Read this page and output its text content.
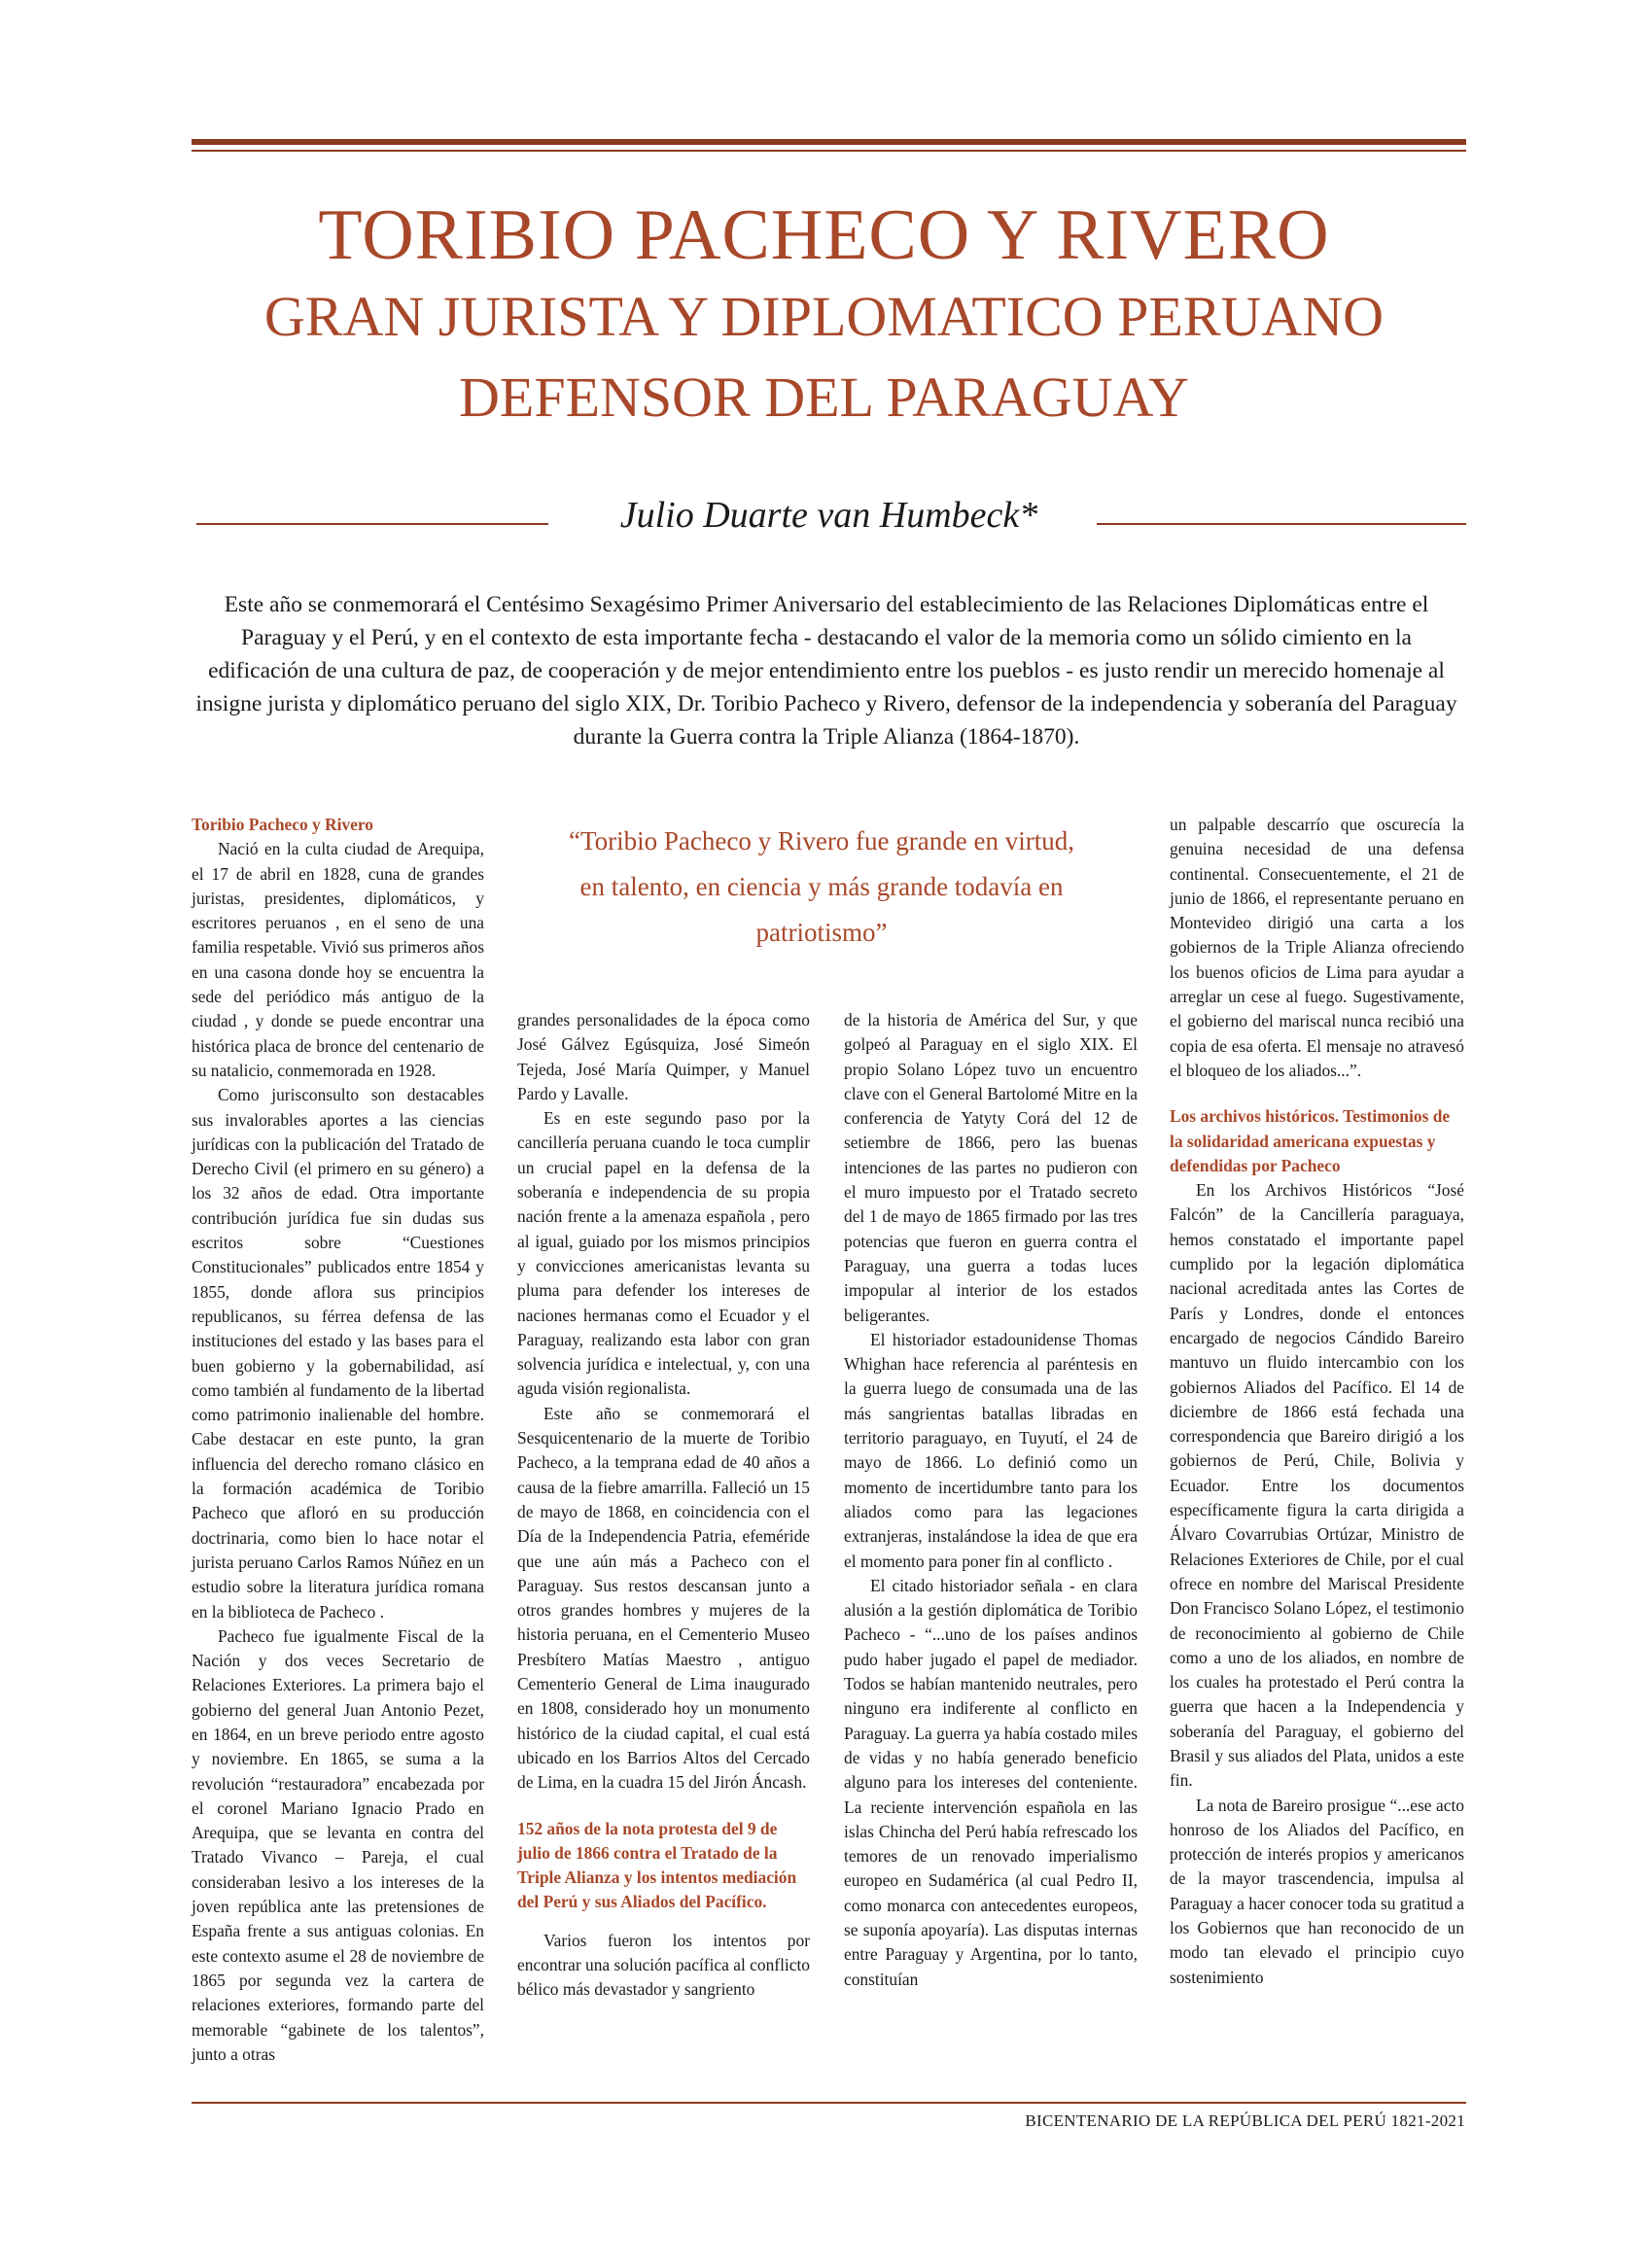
TORIBIO PACHECO Y RIVERO
GRAN JURISTA Y DIPLOMATICO PERUANO
DEFENSOR DEL PARAGUAY
Julio Duarte van Humbeck*
Este año se conmemorará el Centésimo Sexagésimo Primer Aniversario del establecimiento de las Relaciones Diplomáticas entre el Paraguay y el Perú, y en el contexto de esta importante fecha - destacando el valor de la memoria como un sólido cimiento en la edificación de una cultura de paz, de cooperación y de mejor entendimiento entre los pueblos - es justo rendir un merecido homenaje al insigne jurista y diplomático peruano del siglo XIX, Dr. Toribio Pacheco y Rivero, defensor de la independencia y soberanía del Paraguay durante la Guerra contra la Triple Alianza (1864-1870).
“Toribio Pacheco y Rivero fue grande en virtud, en talento, en ciencia y más grande todavía en patriotismo”
Toribio Pacheco y Rivero

Nació en la culta ciudad de Arequipa, el 17 de abril en 1828, cuna de grandes juristas, presidentes, diplomáticos, y escritores peruanos , en el seno de una familia respetable. Vivió sus primeros años en una casona donde hoy se encuentra la sede del periódico más antiguo de la ciudad , y donde se puede encontrar una histórica placa de bronce del centenario de su natalicio, conmemorada en 1928.

Como jurisconsulto son destacables sus invalorables aportes a las ciencias jurídicas con la publicación del Tratado de Derecho Civil (el primero en su género) a los 32 años de edad. Otra importante contribución jurídica fue sin dudas sus escritos sobre “Cuestiones Constitucionales” publicados entre 1854 y 1855, donde aflora sus principios republicanos, su férrea defensa de las instituciones del estado y las bases para el buen gobierno y la gobernabilidad, así como también al fundamento de la libertad como patrimonio inalienable del hombre. Cabe destacar en este punto, la gran influencia del derecho romano clásico en la formación académica de Toribio Pacheco que afloró en su producción doctrinaria, como bien lo hace notar el jurista peruano Carlos Ramos Núñez en un estudio sobre la literatura jurídica romana en la biblioteca de Pacheco .

Pacheco fue igualmente Fiscal de la Nación y dos veces Secretario de Relaciones Exteriores. La primera bajo el gobierno del general Juan Antonio Pezet, en 1864, en un breve periodo entre agosto y noviembre. En 1865, se suma a la revolución “restauradora” encabezada por el coronel Mariano Ignacio Prado en Arequipa, que se levanta en contra del Tratado Vivanco – Pareja, el cual consideraban lesivo a los intereses de la joven república ante las pretensiones de España frente a sus antiguas colonias. En este contexto asume el 28 de noviembre de 1865 por segunda vez la cartera de relaciones exteriores, formando parte del memorable “gabinete de los talentos”, junto a otras

grandes personalidades de la época como José Gálvez Egúsquiza, José Simeón Tejeda, José María Quimper, y Manuel Pardo y Lavalle.

Es en este segundo paso por la cancillería peruana cuando le toca cumplir un crucial papel en la defensa de la soberanía e independencia de su propia nación frente a la amenaza española , pero al igual, guiado por los mismos principios y convicciones americanistas levanta su pluma para defender los intereses de naciones hermanas como el Ecuador y el Paraguay, realizando esta labor con gran solvencia jurídica e intelectual, y, con una aguda visión regionalista.

Este año se conmemorará el Sesquicentenario de la muerte de Toribio Pacheco, a la temprana edad de 40 años a causa de la fiebre amarrilla. Falleció un 15 de mayo de 1868, en coincidencia con el Día de la Independencia Patria, efeméride que une aún más a Pacheco con el Paraguay. Sus restos descansan junto a otros grandes hombres y mujeres de la historia peruana, en el Cementerio Museo Presbítero Matías Maestro , antiguo Cementerio General de Lima inaugurado en 1808, considerado hoy un monumento histórico de la ciudad capital, el cual está ubicado en los Barrios Altos del Cercado de Lima, en la cuadra 15 del Jirón Áncash.

152 años de la nota protesta del 9 de julio de 1866 contra el Tratado de la Triple Alianza y los intentos mediación del Perú y sus Aliados del Pacífico.

Varios fueron los intentos por encontrar una solución pacífica al conflicto bélico más devastador y sangriento

de la historia de América del Sur, y que golpeó al Paraguay en el siglo XIX. El propio Solano López tuvo un encuentro clave con el General Bartolomé Mitre en la conferencia de Yatyty Corá del 12 de setiembre de 1866, pero las buenas intenciones de las partes no pudieron con el muro impuesto por el Tratado secreto del 1 de mayo de 1865 firmado por las tres potencias que fueron en guerra contra el Paraguay, una guerra a todas luces impopular al interior de los estados beligerantes.

El historiador estadounidense Thomas Whighan hace referencia al paréntesis en la guerra luego de consumada una de las más sangrientas batallas libradas en territorio paraguayo, en Tuyutí, el 24 de mayo de 1866. Lo definió como un momento de incertidumbre tanto para los aliados como para las legaciones extranjeras, instalándose la idea de que era el momento para poner fin al conflicto .

El citado historiador señala - en clara alusión a la gestión diplomática de Toribio Pacheco - “...uno de los países andinos pudo haber jugado el papel de mediador. Todos se habían mantenido neutrales, pero ninguno era indiferente al conflicto en Paraguay. La guerra ya había costado miles de vidas y no había generado beneficio alguno para los intereses del conteniente. La reciente intervención española en las islas Chincha del Perú había refrescado los temores de un renovado imperialismo europeo en Sudamérica (al cual Pedro II, como monarca con antecedentes europeos, se suponía apoyaría). Las disputas internas entre Paraguay y Argentina, por lo tanto, constituían

un palpable descarrío que oscurecía la genuina necesidad de una defensa continental. Consecuentemente, el 21 de junio de 1866, el representante peruano en Montevideo dirigió una carta a los gobiernos de la Triple Alianza ofreciendo los buenos oficios de Lima para ayudar a arreglar un cese al fuego. Sugestivamente, el gobierno del mariscal nunca recibió una copia de esa oferta. El mensaje no atravesó el bloqueo de los aliados...”.

Los archivos históricos. Testimonios de la solidaridad americana expuestas y defendidas por Pacheco

En los Archivos Históricos “José Falcón” de la Cancillería paraguaya, hemos constatado el importante papel cumplido por la legación diplomática nacional acreditada antes las Cortes de París y Londres, donde el entonces encargado de negocios Cándido Bareiro mantuvo un fluido intercambio con los gobiernos Aliados del Pacífico. El 14 de diciembre de 1866 está fechada una correspondencia que Bareiro dirigió a los gobiernos de Perú, Chile, Bolivia y Ecuador. Entre los documentos específicamente figura la carta dirigida a Álvaro Covarrubias Ortúzar, Ministro de Relaciones Exteriores de Chile, por el cual ofrece en nombre del Mariscal Presidente Don Francisco Solano López, el testimonio de reconocimiento al gobierno de Chile como a uno de los aliados, en nombre de los cuales ha protestado el Perú contra la guerra que hacen a la Independencia y soberanía del Paraguay, el gobierno del Brasil y sus aliados del Plata, unidos a este fin.

La nota de Bareiro prosigue “...ese acto honroso de los Aliados del Pacífico, en protección de interés propios y americanos de la mayor trascendencia, impulsa al Paraguay a hacer conocer toda su gratitud a los Gobiernos que han reconocido de un modo tan elevado el principio cuyo sostenimiento

BICENTENARIO DE LA REPÚBLICA DEL PERÚ 1821-2021
